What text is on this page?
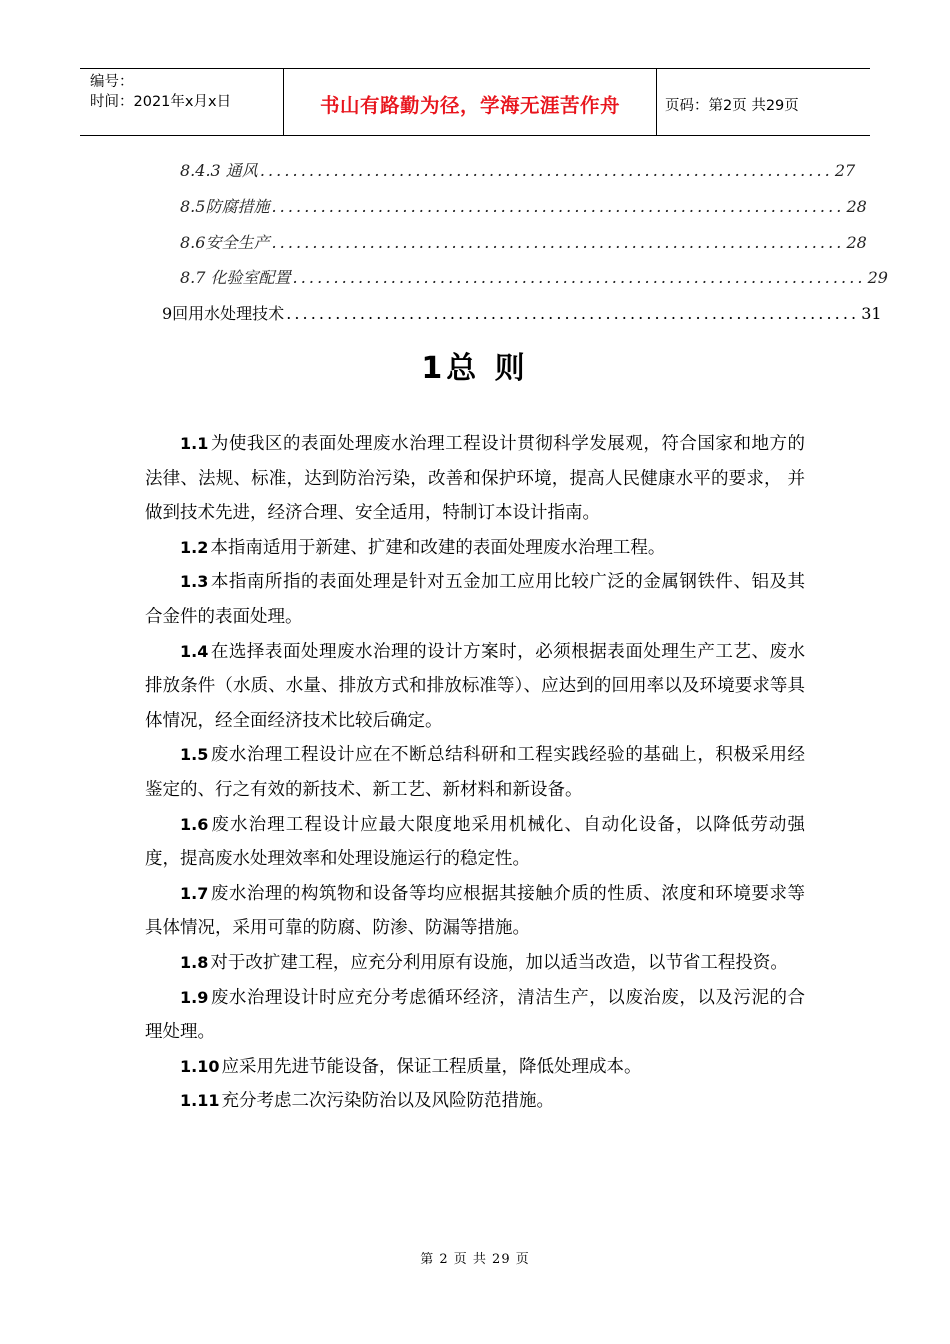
编号：
时间：2021年x月x日	书山有路勤为径，学海无涯苦作舟	页码：第2页 共29页
8.4.3 通风 ...................................................................... 27
8.5防腐措施 ...................................................................... 28
8.6安全生产 ...................................................................... 28
8.7 化验室配置 ...................................................................... 29
9回用水处理技术 ...................................................................... 31
1总 则

1.1 为使我区的表面处理废水治理工程设计贯彻科学发展观，符合国家和地方的法律、法规、标准，达到防治污染，改善和保护环境，提高人民健康水平的要求， 并做到技术先进，经济合理、安全适用，特制订本设计指南。

1.2 本指南适用于新建、扩建和改建的表面处理废水治理工程。

1.3 本指南所指的表面处理是针对五金加工应用比较广泛的金属钢铁件、铝及其合金件的表面处理。

1.4 在选择表面处理废水治理的设计方案时，必须根据表面处理生产工艺、废水排放条件（水质、水量、排放方式和排放标准等）、应达到的回用率以及环境要求等具体情况，经全面经济技术比较后确定。

1.5 废水治理工程设计应在不断总结科研和工程实践经验的基础上，积极采用经鉴定的、行之有效的新技术、新工艺、新材料和新设备。

1.6 废水治理工程设计应最大限度地采用机械化、自动化设备，以降低劳动强度，提高废水处理效率和处理设施运行的稳定性。

1.7 废水治理的构筑物和设备等均应根据其接触介质的性质、浓度和环境要求等具体情况，采用可靠的防腐、防渗、防漏等措施。

1.8 对于改扩建工程，应充分利用原有设施，加以适当改造，以节省工程投资。

1.9 废水治理设计时应充分考虑循环经济，清洁生产，以废治废，以及污泥的合理处理。

1.10 应采用先进节能设备，保证工程质量，降低处理成本。

1.11 充分考虑二次污染防治以及风险防范措施。

第 2 页 共 29 页
